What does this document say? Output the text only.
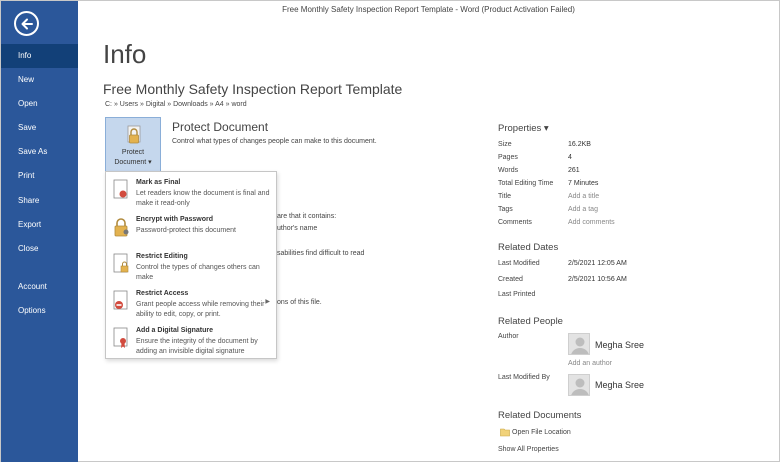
Info
New
Open
Save
Save As
Print
Share
Export
Close
Account
Options
Free Monthly Safety Inspection Report Template - Word (Product Activation Failed)
Info
Free Monthly Safety Inspection Report Template
C: » Users » Digital » Downloads » A4 » word
Protect
Document ▾
Protect Document
Control what types of changes people can make to this document.
are that it contains:
uthor's name
sabilities find difficult to read
ons of this file.
Mark as Final
Let readers know the document is final and make it read-only
Encrypt with Password
Password-protect this document
Restrict Editing
Control the types of changes others can make
Restrict Access
Grant people access while removing their ability to edit, copy, or print.
▶
Add a Digital Signature
Ensure the integrity of the document by adding an invisible digital signature
Properties ▾
Size	16.2KB
Pages	4
Words	261
Total Editing Time 7 Minutes
Title	Add a title
Tags	Add a tag
Comments	Add comments
Related Dates
Last Modified	2/5/2021 12:05 AM
Created	2/5/2021 10:56 AM
Last Printed
Related People
Author
Megha Sree
Add an author
Last Modified By
Megha Sree
Related Documents
Open File Location
Show All Properties
